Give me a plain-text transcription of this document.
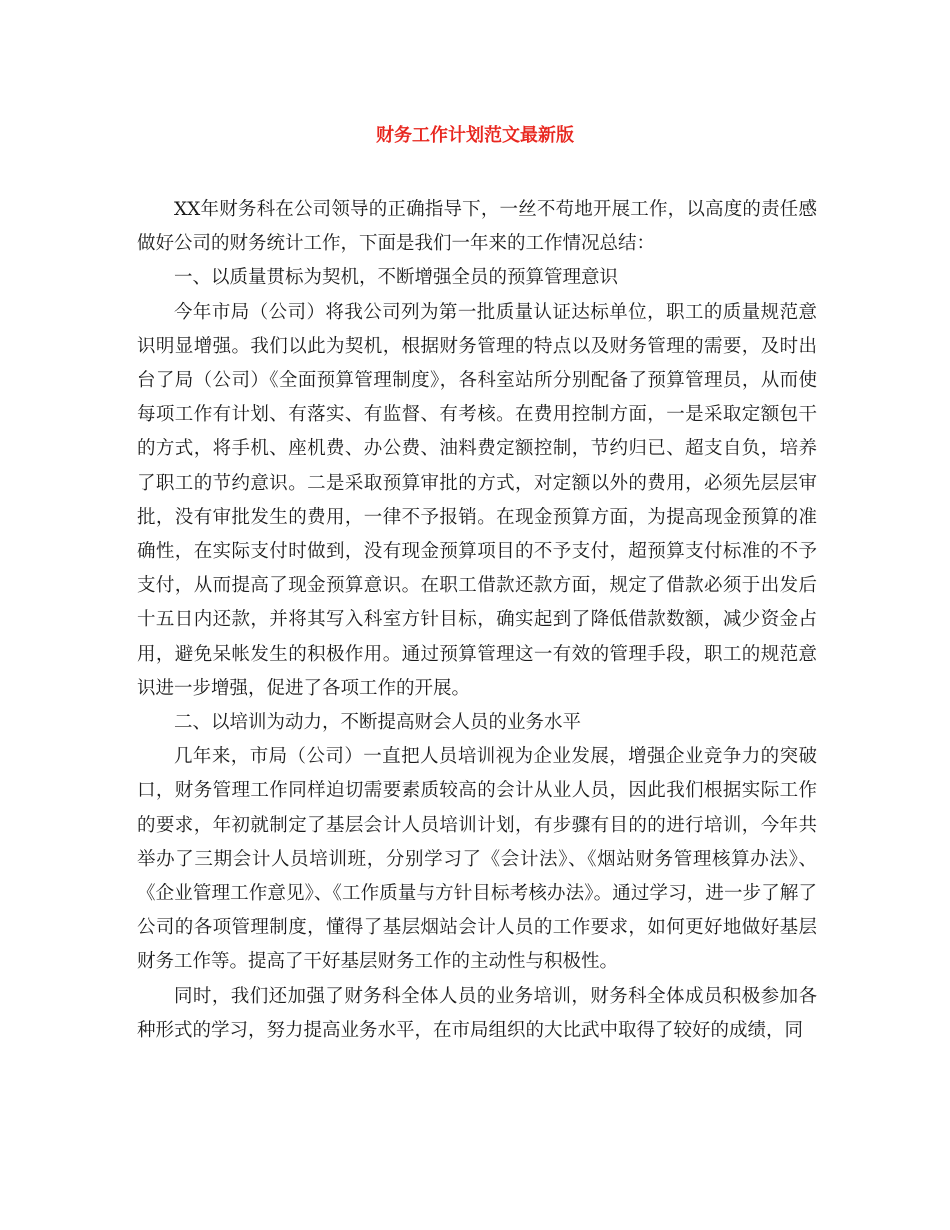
财务工作计划范文最新版

XX年财务科在公司领导的正确指导下，一丝不苟地开展工作，以高度的责任感做好公司的财务统计工作，下面是我们一年来的工作情况总结：

一、以质量贯标为契机，不断增强全员的预算管理意识

今年市局（公司）将我公司列为第一批质量认证达标单位，职工的质量规范意识明显增强。我们以此为契机，根据财务管理的特点以及财务管理的需要，及时出台了局（公司）《全面预算管理制度》，各科室站所分别配备了预算管理员，从而使每项工作有计划、有落实、有监督、有考核。在费用控制方面，一是采取定额包干的方式，将手机、座机费、办公费、油料费定额控制，节约归已、超支自负，培养了职工的节约意识。二是采取预算审批的方式，对定额以外的费用，必须先层层审批，没有审批发生的费用，一律不予报销。在现金预算方面，为提高现金预算的准确性，在实际支付时做到，没有现金预算项目的不予支付，超预算支付标准的不予支付，从而提高了现金预算意识。在职工借款还款方面，规定了借款必须于出发后十五日内还款，并将其写入科室方针目标，确实起到了降低借款数额，减少资金占用，避免呆帐发生的积极作用。通过预算管理这一有效的管理手段，职工的规范意识进一步增强，促进了各项工作的开展。

二、以培训为动力，不断提高财会人员的业务水平

几年来，市局（公司）一直把人员培训视为企业发展，增强企业竞争力的突破口，财务管理工作同样迫切需要素质较高的会计从业人员，因此我们根据实际工作的要求，年初就制定了基层会计人员培训计划，有步骤有目的的进行培训，今年共举办了三期会计人员培训班，分别学习了《会计法》、《烟站财务管理核算办法》、《企业管理工作意见》、《工作质量与方针目标考核办法》。通过学习，进一步了解了公司的各项管理制度，懂得了基层烟站会计人员的工作要求，如何更好地做好基层财务工作等。提高了干好基层财务工作的主动性与积极性。

同时，我们还加强了财务科全体人员的业务培训，财务科全体成员积极参加各种形式的学习，努力提高业务水平，在市局组织的大比武中取得了较好的成绩，同
